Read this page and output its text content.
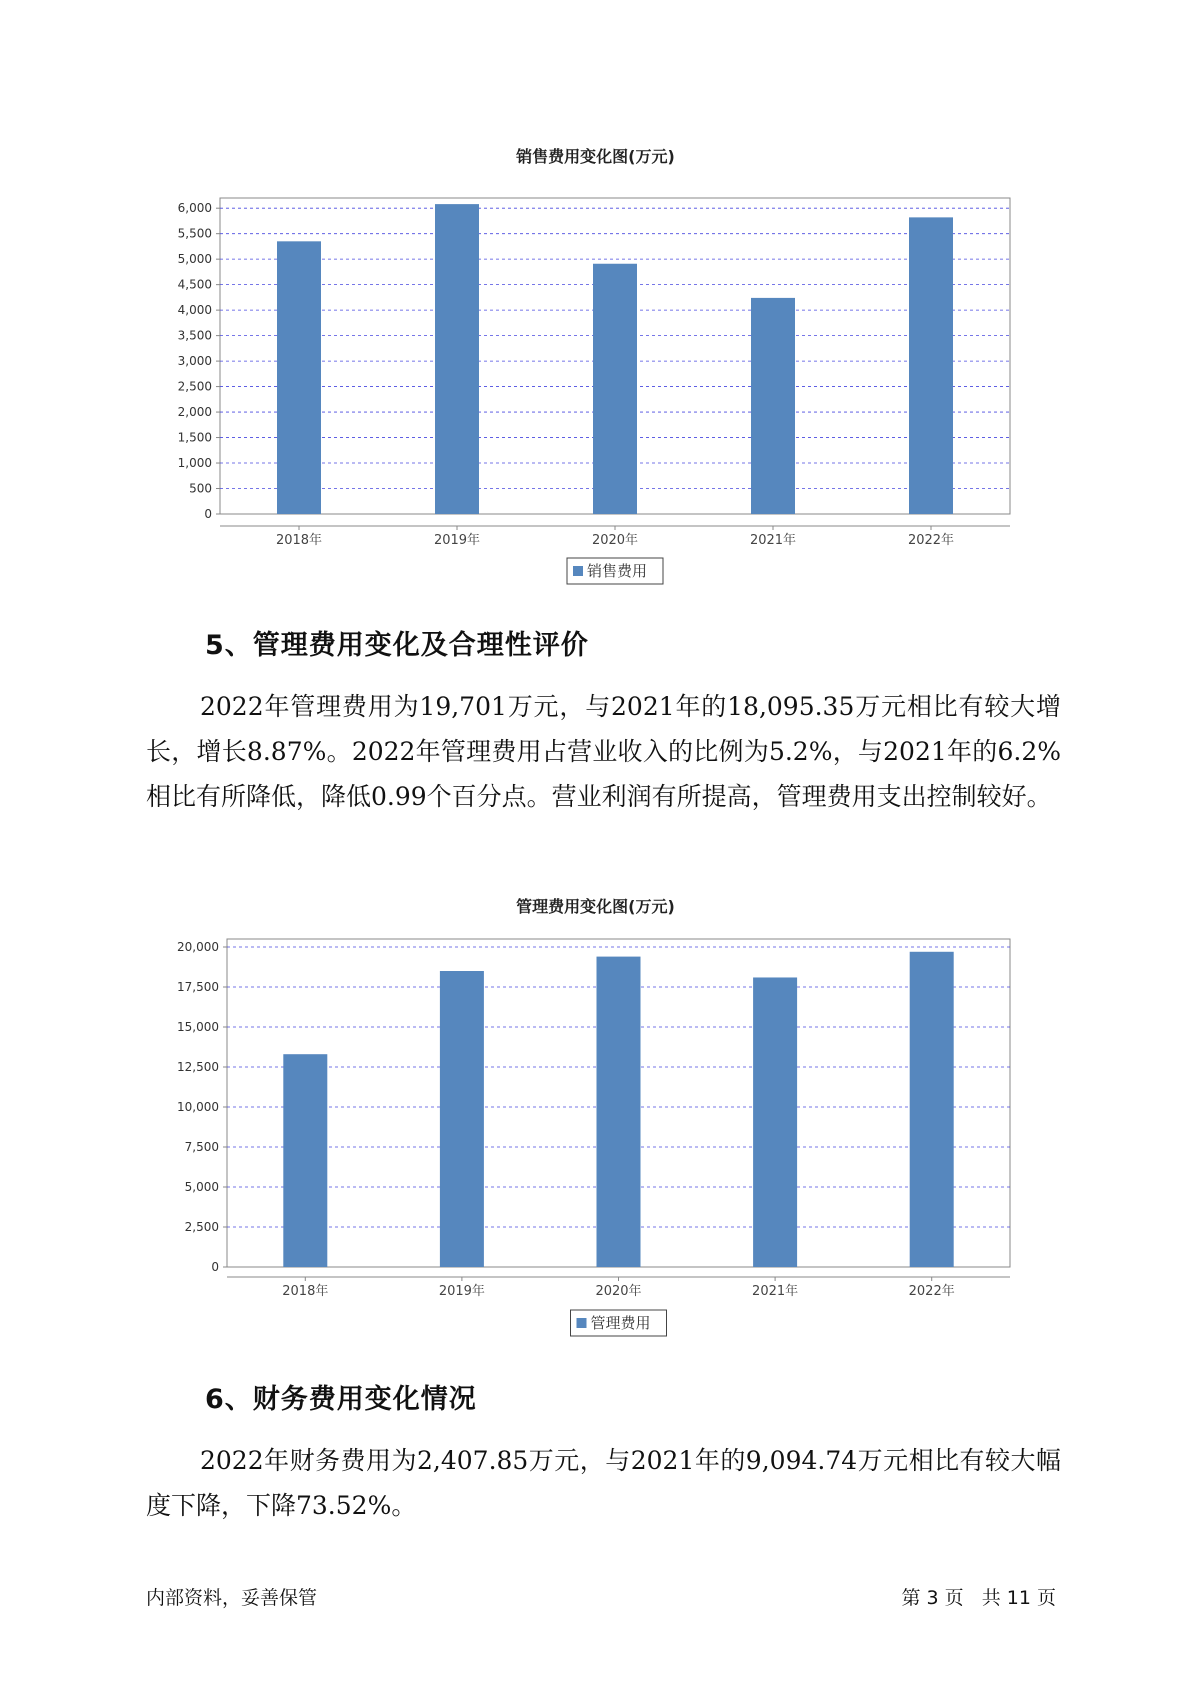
销售费用变化图(万元)
0
500
1,000
1,500
2,000
2,500
3,000
3,500
4,000
4,500
5,000
5,500
6,000
2018年	2019年	2020年	2021年	2022年
销售费用
5、管理费用变化及合理性评价
2022年管理费用为19,701万元，与2021年的18,095.35万元相比有较大增长，增长8.87%。2022年管理费用占营业收入的比例为5.2%，与2021年的6.2%相比有所降低，降低0.99个百分点。营业利润有所提高，管理费用支出控制较好。
管理费用变化图(万元)
0
2,500
5,000
7,500
10,000
12,500
15,000
17,500
20,000
2018年	2019年	2020年	2021年	2022年
管理费用
6、财务费用变化情况
2022年财务费用为2,407.85万元，与2021年的9,094.74万元相比有较大幅度下降，下降73.52%。
内部资料，妥善保管	第 3 页   共 11 页
